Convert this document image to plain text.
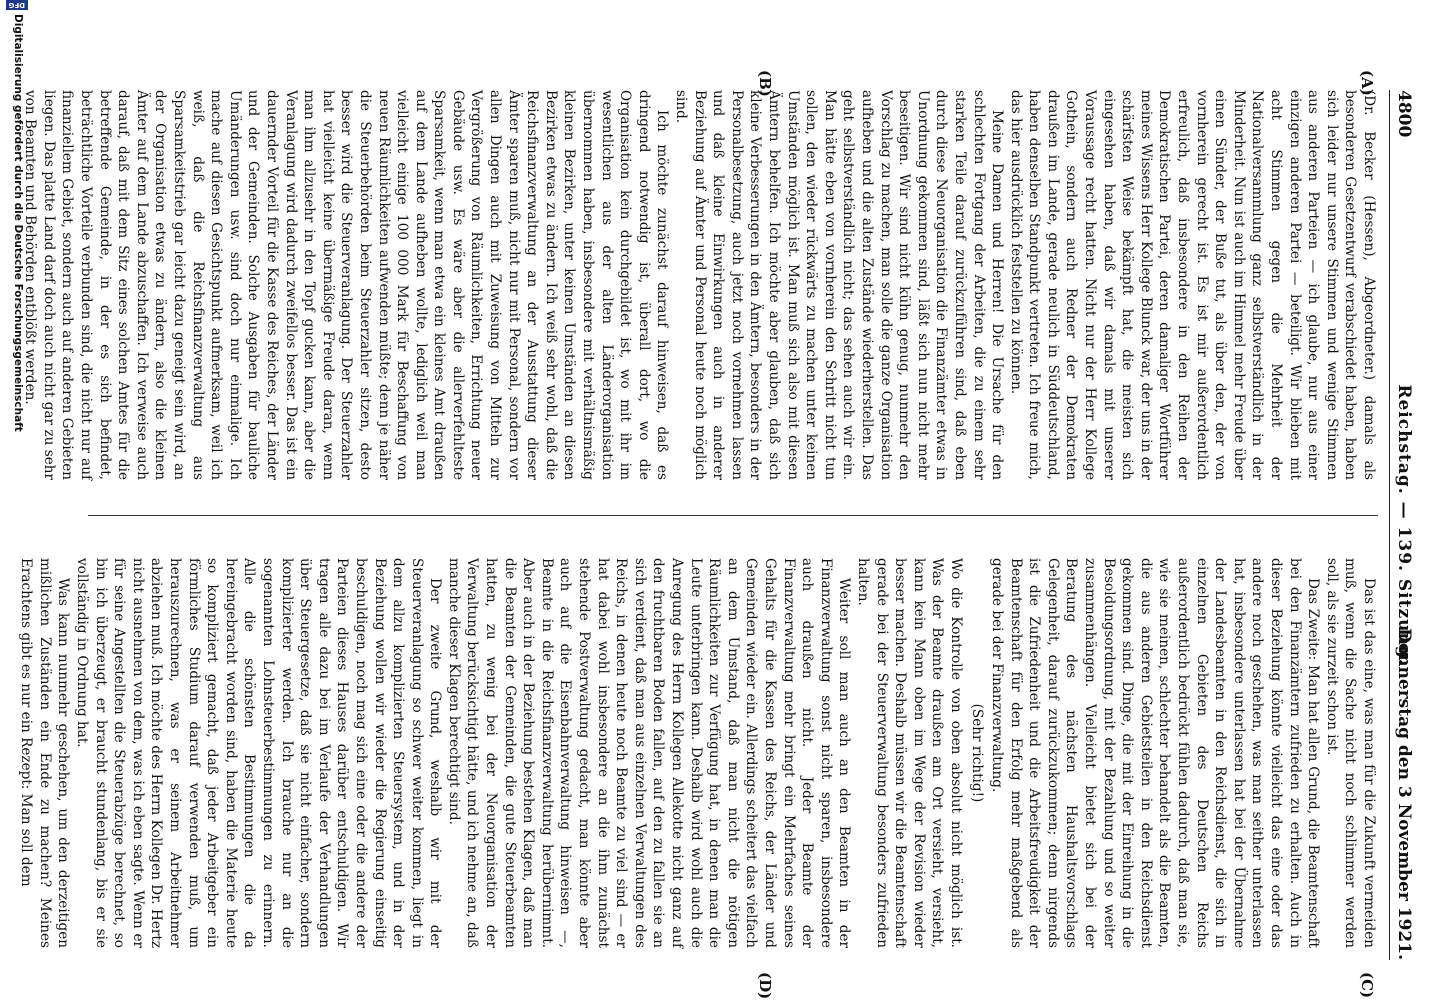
4800
Reichstag. — 139. Sitzung.
Donnerstag den 3 November 1921.
(A)
(B)
(C)
(D)

(Dr. Becker (Hessen), Abgeordneter.) damals als besonderen Gesetzentwurf verabschiedet haben, haben sich leider nur unsere Stimmen und wenige Stimmen aus anderen Parteien — ich glaube, nur aus einer einzigen anderen Partei — beteiligt. Wir blieben mit acht Stimmen gegen die Mehrheit der Nationalversammlung ganz selbstverständlich in der Minderheit. Nun ist auch im Himmel mehr Freude über einen Sünder, der Buße tut, als über den, der von vornherein gerecht ist. Es ist mir außerordentlich erfreulich, daß insbesondere in den Reihen der Demokratischen Partei, deren damaliger Wortführer meines Wissens Herr Kollege Blunck war, der uns in der schärfsten Weise bekämpft hat, die meisten sich eingesehen haben, daß wir damals mit unserer Voraussage recht hatten. Nicht nur der Herr Kollege Gothein, sondern auch Redner der Demokraten draußen im Lande, gerade neulich in Süddeutschland, haben denselben Standpunkt vertreten. Ich freue mich, das hier ausdrücklich feststellen zu können.

Meine Damen und Herren! Die Ursache für den schlechten Fortgang der Arbeiten, die zu einem sehr starken Teile darauf zurückzuführen sind, daß eben durch diese Neuorganisation die Finanzämter etwas in Unordnung gekommen sind, läßt sich nun nicht mehr beseitigen. Wir sind nicht kühn genug, nunmehr den Vorschlag zu machen, man solle die ganze Organisation aufheben und die alten Zustände wiederherstellen. Das geht selbstverständlich nicht; das sehen auch wir ein. Man hätte eben von vornherein den Schritt nicht tun sollen, den wieder rückwärts zu machen unter keinen Umständen möglich ist. Man muß sich also mit diesen Ämtern behelfen. Ich möchte aber glauben, daß sich kleine Verbesserungen in den Ämtern, besonders in der Personalbesetzung, auch jetzt noch vornehmen lassen und daß kleine Einwirkungen auch in anderer Beziehung auf Ämter und Personal heute noch möglich sind.

Ich möchte zunächst darauf hinweisen, daß es dringend notwendig ist, überall dort, wo die Organisation kein durchgebildet ist, wo mit ihr im wesentlichen aus der alten Länderorganisation übernommen haben, insbesondere mit verhältnismäßig kleinen Bezirken, unter keinen Umständen an diesen Bezirken etwas zu ändern. Ich weiß sehr wohl, daß die Reichsfinanzverwaltung an der Ausstattung dieser Ämter sparen muß, nicht nur mit Personal, sondern vor allen Dingen auch mit Zuweisung von Mitteln zur Vergrößerung von Räumlichkeiten, Errichtung neuer Gebäude usw. Es wäre aber die allerverfehlteste Sparsamkeit, wenn man etwa ein kleines Amt draußen auf dem Lande aufheben wollte, lediglich weil man vielleicht einige 100 000 Mark für Beschaffung von neuen Räumlichkeiten aufwenden müßte; denn je näher die Steuerbehörden beim Steuerzahler sitzen, desto besser wird die Steuerveranlagung. Der Steuerzahler hat vielleicht keine übermäßige Freude daran, wenn man ihm allzusehr in den Topf gucken kann, aber die Veranlagung wird dadurch zweifellos besser. Das ist ein dauernder Vorteil für die Kasse des Reiches, der Länder und der Gemeinden. Solche Ausgaben für bauliche Umänderungen usw. sind doch nur einmalige. Ich mache auf diesen Gesichtspunkt aufmerksam, weil ich weiß, daß die Reichsfinanzverwaltung aus Sparsamkeitstrieb gar leicht dazu geneigt sein wird, an der Organisation etwas zu ändern, also die kleinen Ämter auf dem Lande abzuschaffen. Ich verweise auch darauf, daß mit dem Sitz eines solchen Amtes für die betreffende Gemeinde, in der es sich befindet, beträchtliche Vorteile verbunden sind, die nicht nur auf finanziellem Gebiet, sondern auch auf anderen Gebieten liegen. Das platte Land darf doch auch nicht gar zu sehr von Beamten und Behörden entblößt werden.

Das ist das eine, was man für die Zukunft vermeiden muß, wenn die Sache nicht noch schlimmer werden soll, als sie zurzeit schon ist.

Das Zweite: Man hat allen Grund, die Beamtenschaft bei den Finanzämtern zufrieden zu erhalten. Auch in dieser Beziehung könnte vielleicht das eine oder das andere noch geschehen, was man seither unterlassen hat, insbesondere unterlassen hat bei der Übernahme der Landesbeamten in den Reichsdienst, die sich in einzelnen Gebieten des Deutschen Reichs außerordentlich bedrückt fühlen dadurch, daß man sie, wie sie meinen, schlechter behandelt als die Beamten, die aus anderen Gebietsteilen in den Reichsdienst gekommen sind. Dinge, die mit der Einreihung in die Besoldungsordnung, mit der Bezahlung und so weiter zusammenhängen. Vielleicht bietet sich bei der Beratung des nächsten Haushaltsvorschlags Gelegenheit, darauf zurückzukommen; denn nirgends ist die Zufriedenheit und die Arbeitsfreudigkeit der Beamtenschaft für den Erfolg mehr maßgebend als gerade bei der Finanzverwaltung.

(Sehr richtig!)

Wo die Kontrolle von oben absolut nicht möglich ist. Was der Beamte draußen am Ort versieht, versieht, kann kein Mann oben im Wege der Revision wieder besser machen. Deshalb müssen wir die Beamtenschaft gerade bei der Steuerverwaltung besonders zufrieden halten.

Weiter soll man auch an den Beamten in der Finanzverwaltung sonst nicht sparen, insbesondere auch draußen nicht. Jeder Beamte der Finanzverwaltung mehr bringt ein Mehrfaches seines Gehalts für die Kassen des Reichs, der Länder und Gemeinden wieder ein. Allerdings scheitert das vielfach an dem Umstand, daß man nicht die nötigen Räumlichkeiten zur Verfügung hat, in denen man die Leute unterbringen kann. Deshalb wird wohl auch die Anregung des Herrn Kollegen Allekotte nicht ganz auf den fruchtbaren Boden fallen, auf den zu fallen sie an sich verdient, daß man aus einzelnen Verwaltungen des Reichs, in denen heute noch Beamte zu viel sind — er hat dabei wohl insbesondere an die ihm zunächst stehende Postverwaltung gedacht, man könnte aber auch auf die Eisenbahnverwaltung hinweisen —, Beamte in die Reichsfinanzverwaltung herübernimmt. Aber auch in der Beziehung bestehen Klagen, daß man die Beamten der Gemeinden, die gute Steuerbeamten hatten, zu wenig bei der Neuorganisation der Verwaltung berücksichtigt hätte, und ich nehme an, daß manche dieser Klagen berechtigt sind.

Der zweite Grund, weshalb wir mit der Steuerveranlagung so schwer weiter kommen, liegt in dem allzu komplizierten Steuersystem, und in der Beziehung wollen wir wieder die Regierung einseitig beschuldigen, noch mag sich eine oder die andere der Parteien dieses Hauses darüber entschuldigen. Wir tragen alle dazu bei im Verlaufe der Verhandlungen über Steuergesetze, daß sie nicht einfacher, sondern komplizierter werden. Ich brauche nur an die sogenannten Lohnsteuerbestimmungen zu erinnern. Alle die schönsten Bestimmungen die da hereingebracht worden sind, haben die Materie heute so kompliziert gemacht, daß jeder Arbeitgeber ein förmliches Studium darauf verwenden muß, um herauszurechnen, was er seinem Arbeitnehmer abziehen muß. Ich möchte des Herrn Kollegen Dr. Hertz nicht ausnehmen von dem, was ich eben sagte. Wenn er für seine Angestellten die Steuerabzüge berechnet, so bin ich überzeugt, er braucht stundenlang, bis er sie vollständig in Ordnung hat.

Was kann nunmehr geschehen, um den derzeitigen mißlichen Zuständen ein Ende zu machen? Meines Erachtens gibt es nur ein Rezept: Man soll dem

DFG
Digitalisierung gefördert durch die Deutsche Forschungsgemeinschaft
